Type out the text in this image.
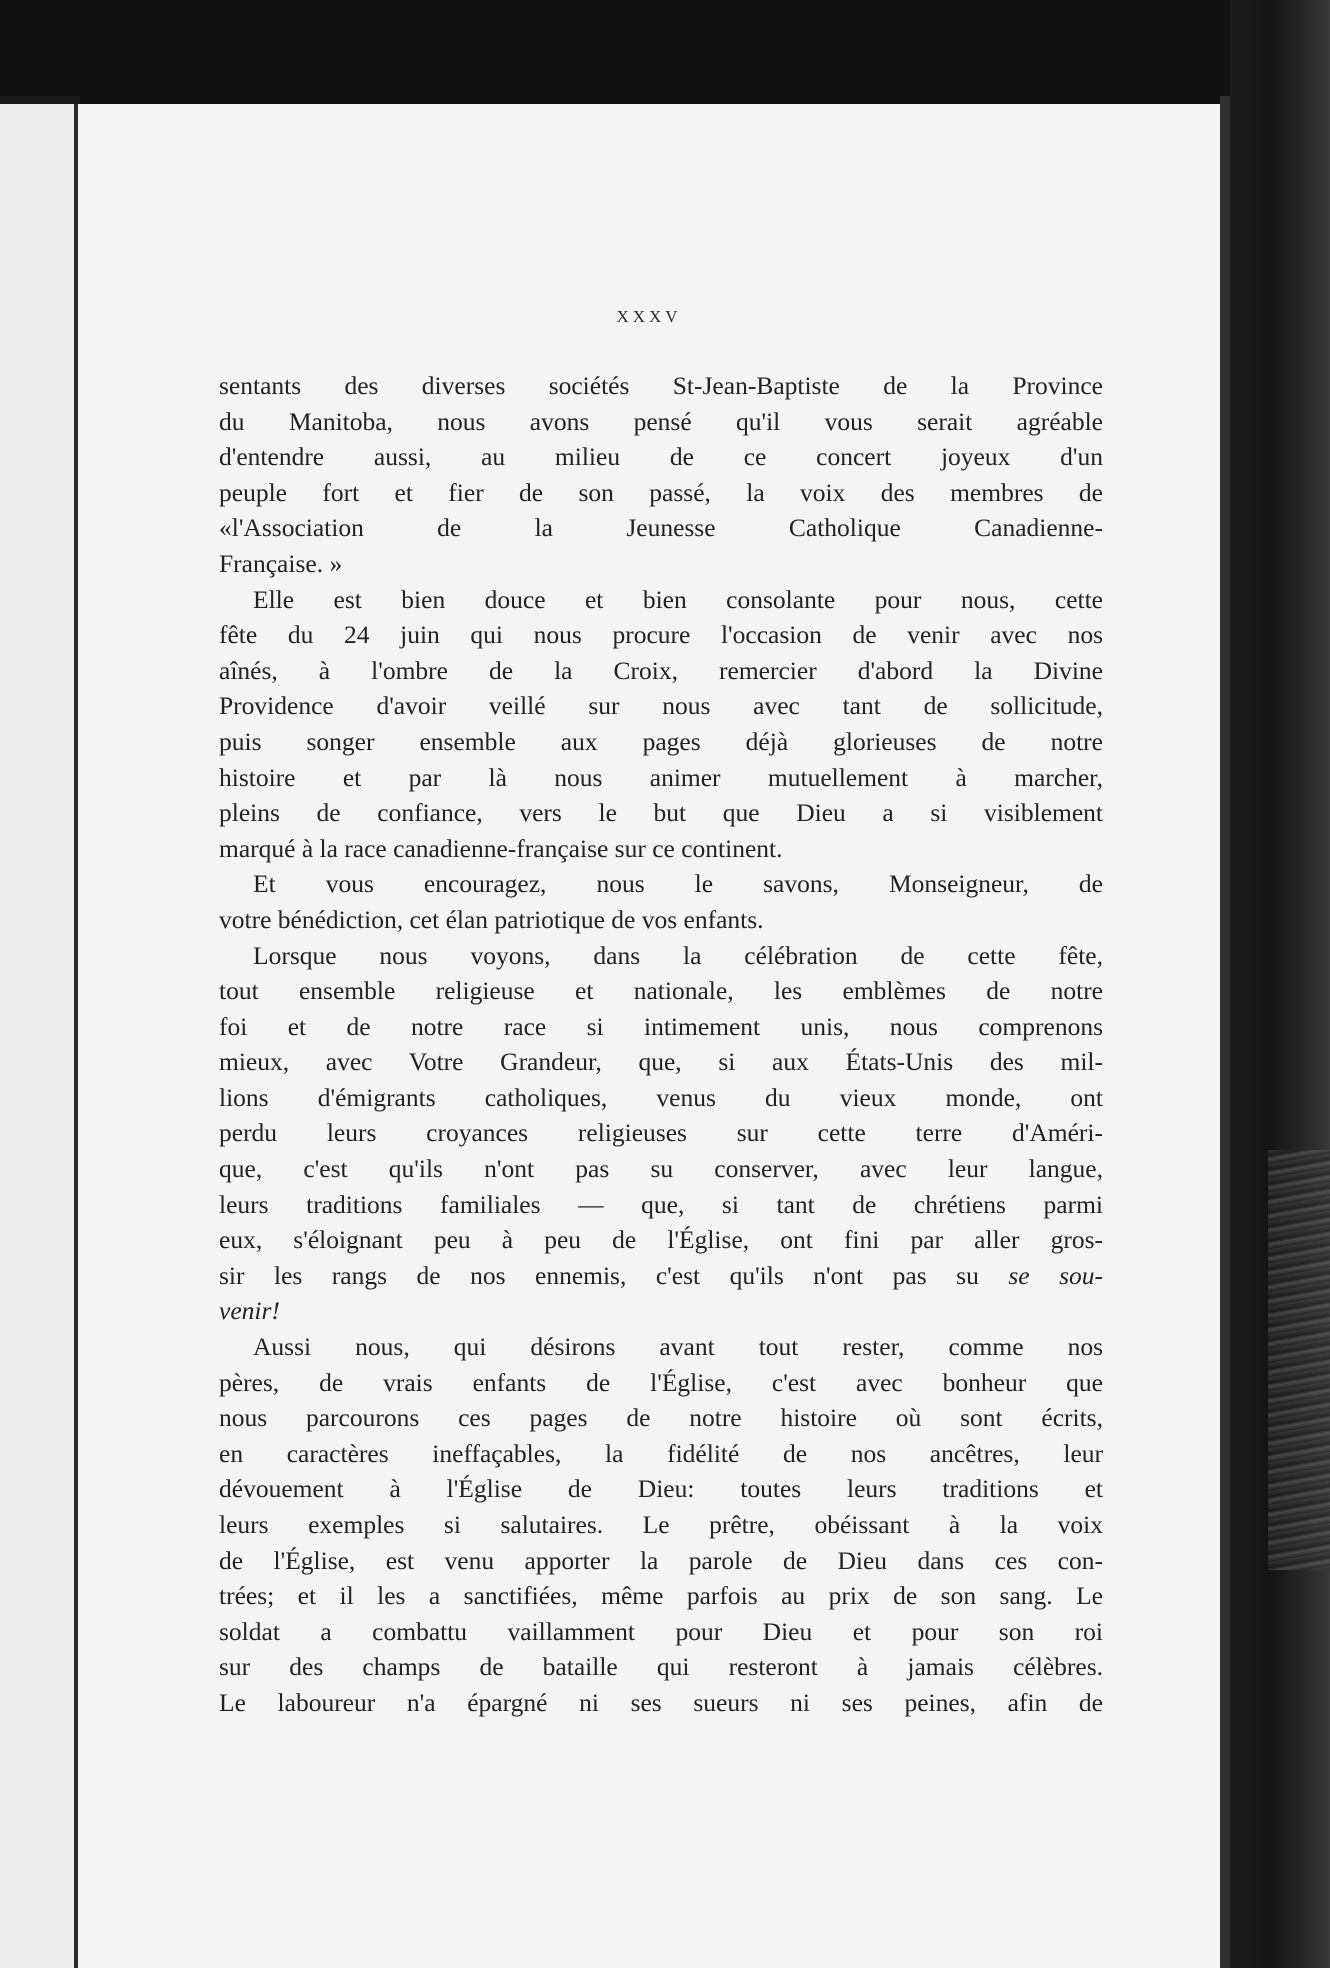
XXXV
sentants des diverses sociétés St-Jean-Baptiste de la Province
du Manitoba, nous avons pensé qu'il vous serait agréable
d'entendre aussi, au milieu de ce concert joyeux d'un
peuple fort et fier de son passé, la voix des membres de
«l'Association de la Jeunesse Catholique Canadienne-
Française. »
Elle est bien douce et bien consolante pour nous, cette
fête du 24 juin qui nous procure l'occasion de venir avec nos
aînés, à l'ombre de la Croix, remercier d'abord la Divine
Providence d'avoir veillé sur nous avec tant de sollicitude,
puis songer ensemble aux pages déjà glorieuses de notre
histoire et par là nous animer mutuellement à marcher,
pleins de confiance, vers le but que Dieu a si visiblement
marqué à la race canadienne-française sur ce continent.
Et vous encouragez, nous le savons, Monseigneur, de
votre bénédiction, cet élan patriotique de vos enfants.
Lorsque nous voyons, dans la célébration de cette fête,
tout ensemble religieuse et nationale, les emblèmes de notre
foi et de notre race si intimement unis, nous comprenons
mieux, avec Votre Grandeur, que, si aux États-Unis des mil-
lions d'émigrants catholiques, venus du vieux monde, ont
perdu leurs croyances religieuses sur cette terre d'Améri-
que, c'est qu'ils n'ont pas su conserver, avec leur langue,
leurs traditions familiales — que, si tant de chrétiens parmi
eux, s'éloignant peu à peu de l'Église, ont fini par aller gros-
sir les rangs de nos ennemis, c'est qu'ils n'ont pas su se sou-
venir!
Aussi nous, qui désirons avant tout rester, comme nos
pères, de vrais enfants de l'Église, c'est avec bonheur que
nous parcourons ces pages de notre histoire où sont écrits,
en caractères ineffaçables, la fidélité de nos ancêtres, leur
dévouement à l'Église de Dieu: toutes leurs traditions et
leurs exemples si salutaires. Le prêtre, obéissant à la voix
de l'Église, est venu apporter la parole de Dieu dans ces con-
trées; et il les a sanctifiées, même parfois au prix de son sang. Le
soldat a combattu vaillamment pour Dieu et pour son roi
sur des champs de bataille qui resteront à jamais célèbres.
Le laboureur n'a épargné ni ses sueurs ni ses peines, afin de
